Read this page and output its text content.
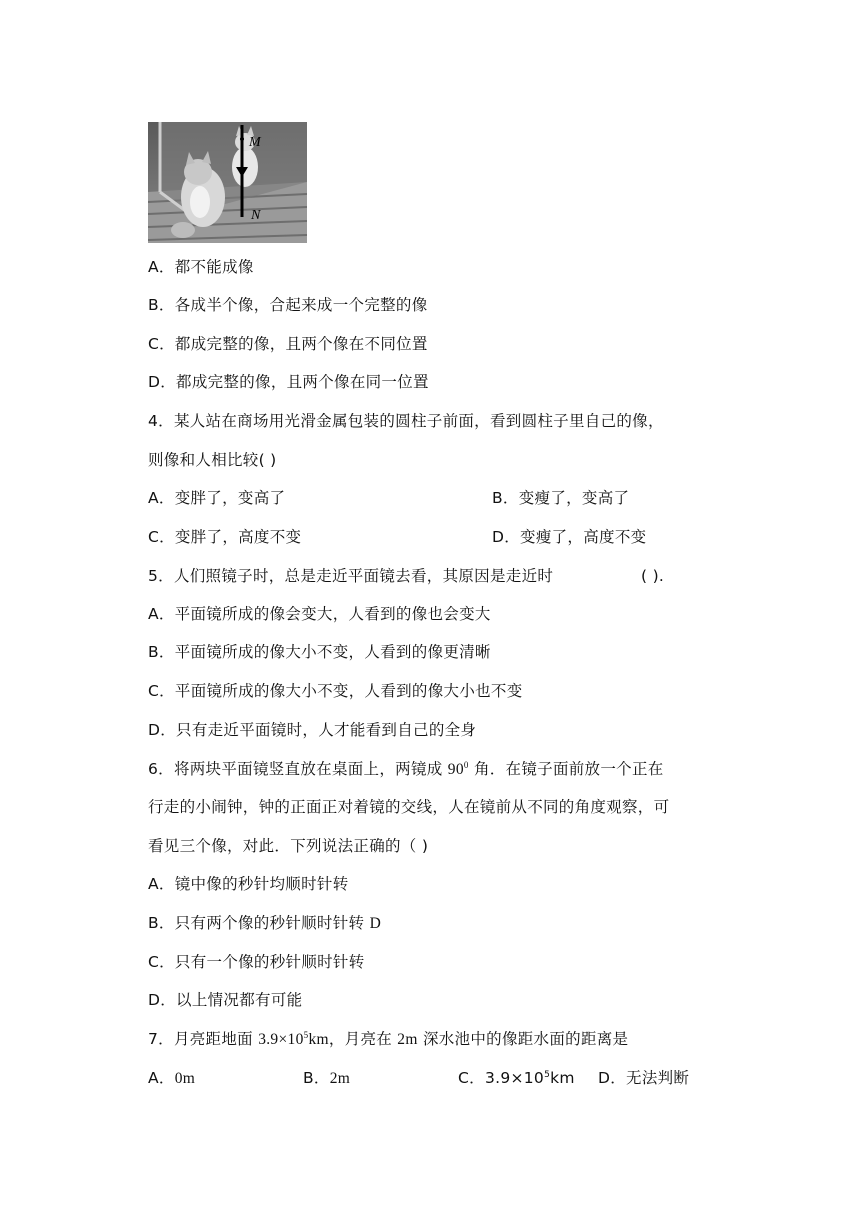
M
N
A．都不能成像
B．各成半个像，合起来成一个完整的像
C．都成完整的像，且两个像在不同位置
D．都成完整的像，且两个像在同一位置
4．某人站在商场用光滑金属包装的圆柱子前面，看到圆柱子里自己的像，
则像和人相比较( )
A．变胖了，变高了	B．变瘦了，变高了
C．变胖了，高度不变	D．变瘦了，高度不变
5．人们照镜子时，总是走近平面镜去看，其原因是走近时	( ).
A．平面镜所成的像会变大，人看到的像也会变大
B．平面镜所成的像大小不变，人看到的像更清晰
C．平面镜所成的像大小不变，人看到的像大小也不变
D．只有走近平面镜时，人才能看到自己的全身
6．将两块平面镜竖直放在桌面上，两镜成 $90^0$ 角．在镜子面前放一个正在
行走的小闹钟，钟的正面正对着镜的交线，人在镜前从不同的角度观察，可
看见三个像，对此．下列说法正确的（ )
A．镜中像的秒针均顺时针转
B．只有两个像的秒针顺时针转 D
C．只有一个像的秒针顺时针转
D．以上情况都有可能
7．月亮距地面 $3.9\times 10^5km$，月亮在 2m 深水池中的像距水面的距离是
A．0m	B．2m	C．$3.9\times 10^5km$ D．无法判断
